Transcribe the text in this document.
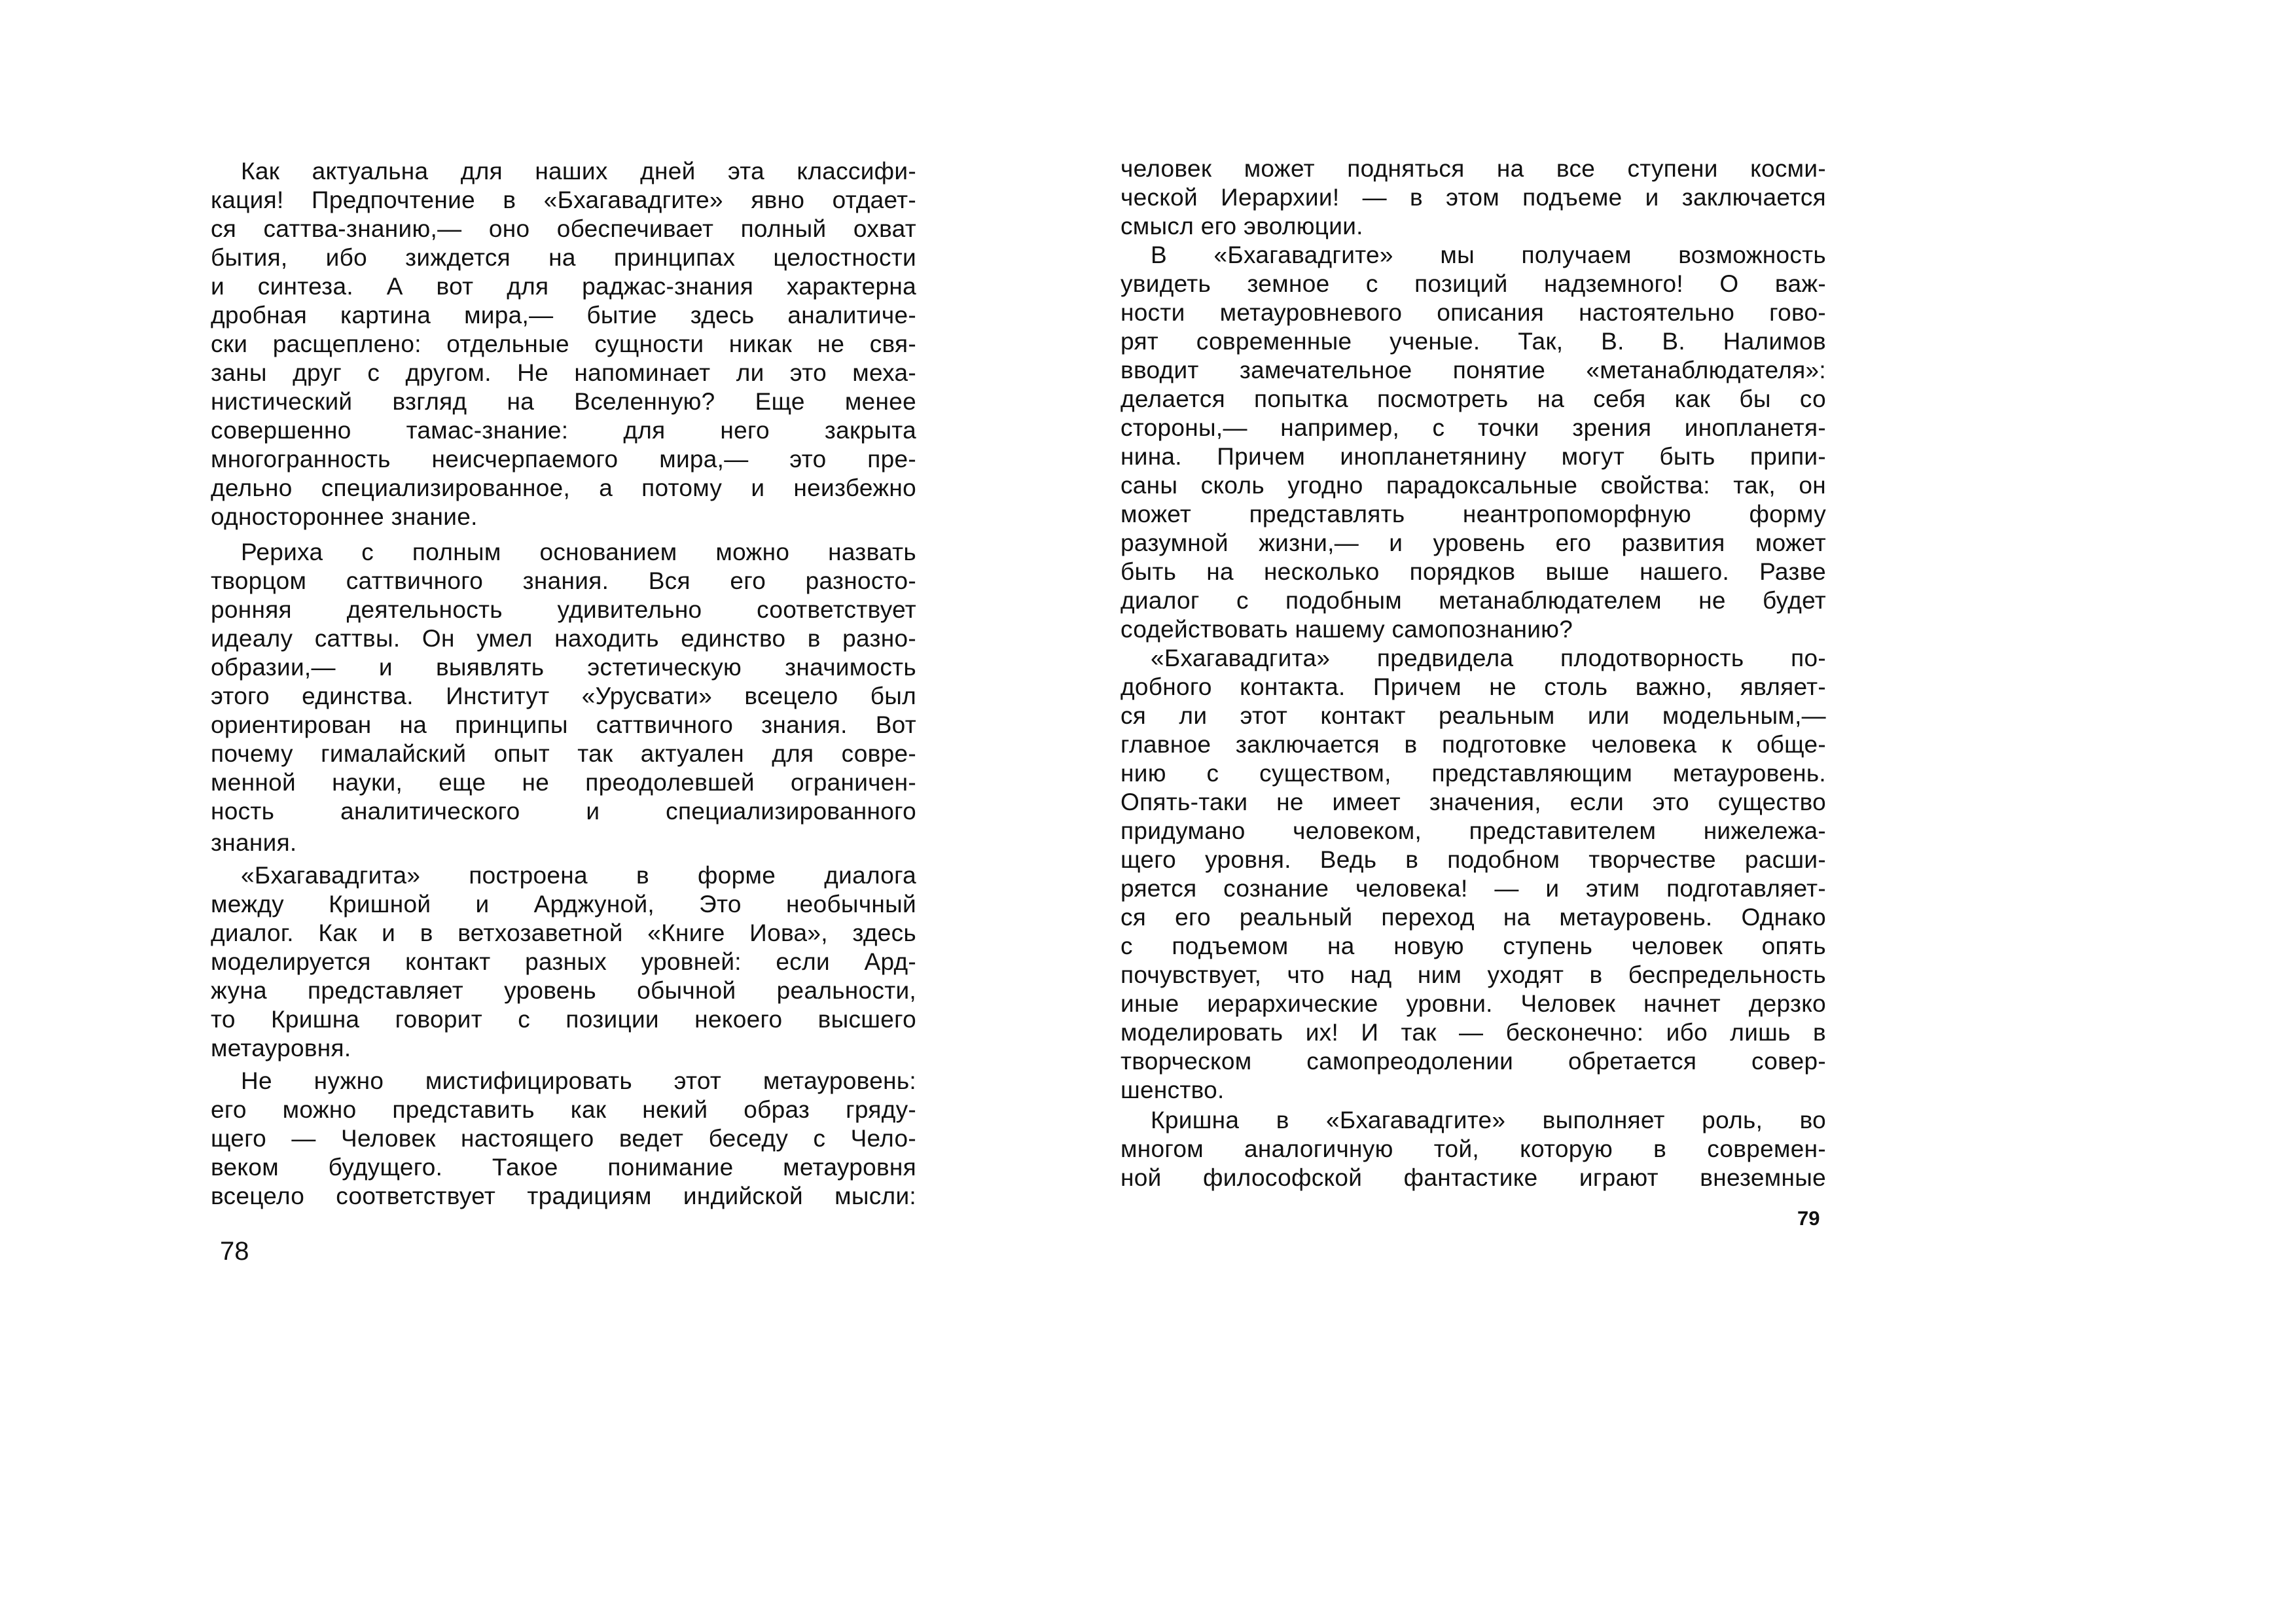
Как актуальна для наших дней эта классифи-
кация! Предпочтение в «Бхагавадгите» явно отдает-
ся саттва-знанию,— оно обеспечивает полный охват
бытия, ибо зиждется на принципах целостности
и синтеза. А вот для раджас-знания характерна
дробная картина мира,— бытие здесь аналитиче-
ски расщеплено: отдельные сущности никак не свя-
заны друг с другом. Не напоминает ли это меха-
нистический взгляд на Вселенную? Еще менее
совершенно тамас-знание: для него закрыта
многогранность неисчерпаемого мира,— это пре-
дельно специализированное, а потому и неизбежно
одностороннее знание.
Рериха с полным основанием можно назвать
творцом саттвичного знания. Вся его разносто-
ронняя деятельность удивительно соответствует
идеалу саттвы. Он умел находить единство в разно-
образии,— и выявлять эстетическую значимость
этого единства. Институт «Урусвати» всецело был
ориентирован на принципы саттвичного знания. Вот
почему гималайский опыт так актуален для совре-
менной науки, еще не преодолевшей ограничен-
ность аналитического и специализированного
знания.
«Бхагавадгита» построена в форме диалога
между Кришной и Арджуной, Это необычный
диалог. Как и в ветхозаветной «Книге Иова», здесь
моделируется контакт разных уровней: если Ард-
жуна представляет уровень обычной реальности,
то Кришна говорит с позиции некоего высшего
метауровня.
Не нужно мистифицировать этот метауровень:
его можно представить как некий образ гряду-
щего — Человек настоящего ведет беседу с Чело-
веком будущего. Такое понимание метауровня
всецело соответствует традициям индийской мысли:
78
человек может подняться на все ступени косми-
ческой Иерархии! — в этом подъеме и заключается
смысл его эволюции.
В «Бхагавадгите» мы получаем возможность
увидеть земное с позиций надземного! О важ-
ности метауровневого описания настоятельно гово-
рят современные ученые. Так, В. В. Налимов
вводит замечательное понятие «метанаблюдателя»:
делается попытка посмотреть на себя как бы со
стороны,— например, с точки зрения инопланетя-
нина. Причем инопланетянину могут быть припи-
саны сколь угодно парадоксальные свойства: так, он
может представлять неантропоморфную форму
разумной жизни,— и уровень его развития может
быть на несколько порядков выше нашего. Разве
диалог с подобным метанаблюдателем не будет
содействовать нашему самопознанию?
«Бхагавадгита» предвидела плодотворность по-
добного контакта. Причем не столь важно, являет-
ся ли этот контакт реальным или модельным,—
главное заключается в подготовке человека к обще-
нию с существом, представляющим метауровень.
Опять-таки не имеет значения, если это существо
придумано человеком, представителем нижележа-
щего уровня. Ведь в подобном творчестве расши-
ряется сознание человека! — и этим подготавляет-
ся его реальный переход на метауровень. Однако
с подъемом на новую ступень человек опять
почувствует, что над ним уходят в беспредельность
иные иерархические уровни. Человек начнет дерзко
моделировать их! И так — бесконечно: ибо лишь в
творческом самопреодолении обретается совер-
шенство.
Кришна в «Бхагавадгите» выполняет роль, во
многом аналогичную той, которую в современ-
ной философской фантастике играют внеземные
79
